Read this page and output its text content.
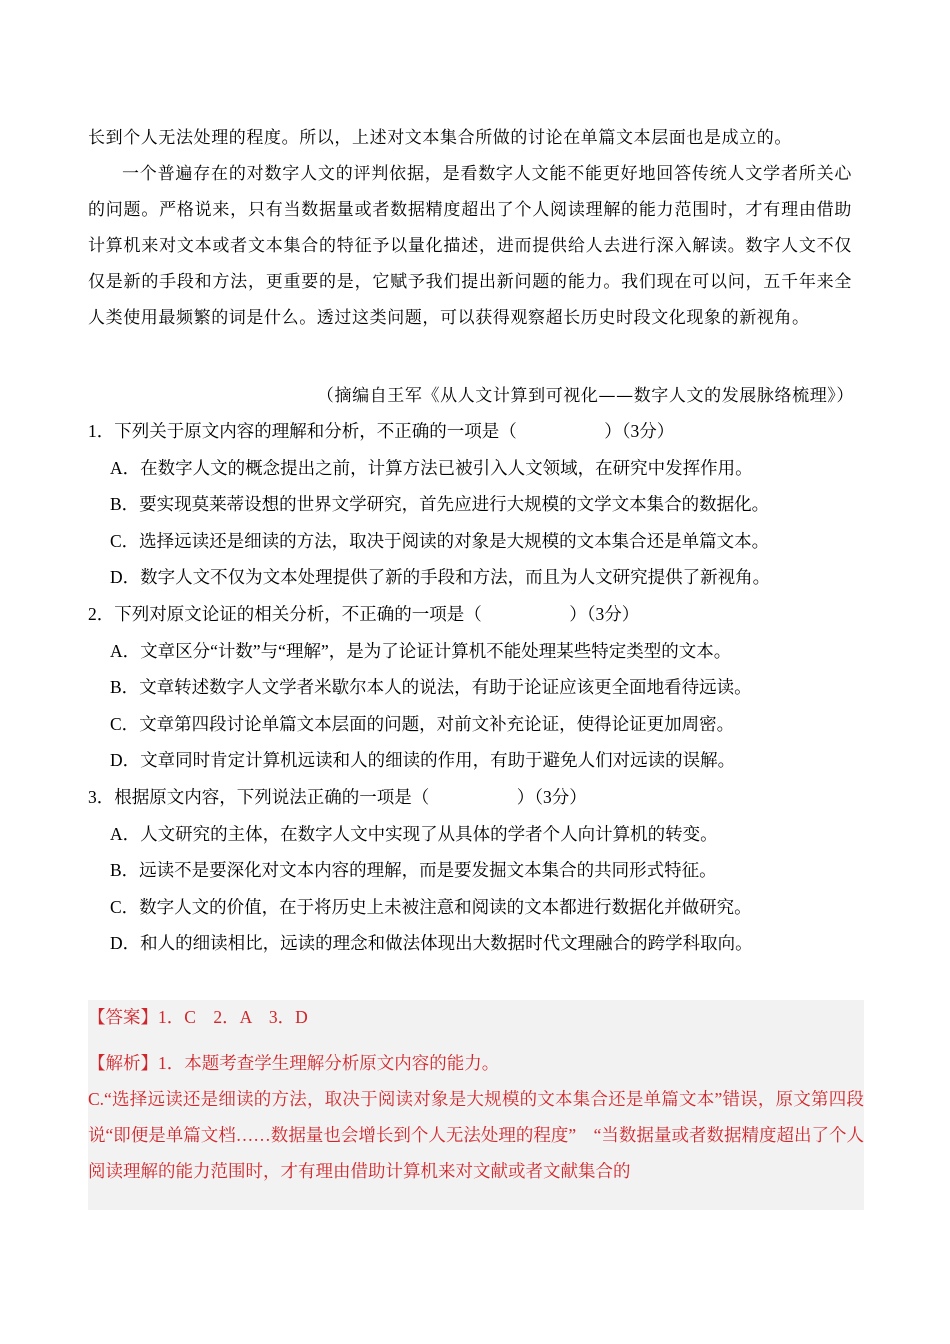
长到个人无法处理的程度。所以，上述对文本集合所做的讨论在单篇文本层面也是成立的。
一个普遍存在的对数字人文的评判依据，是看数字人文能不能更好地回答传统人文学者所关心的问题。严格说来，只有当数据量或者数据精度超出了个人阅读理解的能力范围时，才有理由借助计算机来对文本或者文本集合的特征予以量化描述，进而提供给人去进行深入解读。数字人文不仅仅是新的手段和方法，更重要的是，它赋予我们提出新问题的能力。我们现在可以问，五千年来全人类使用最频繁的词是什么。透过这类问题，可以获得观察超长历史时段文化现象的新视角。
（摘编自王军《从人文计算到可视化——数字人文的发展脉络梳理》）
1．下列关于原文内容的理解和分析，不正确的一项是（　　　　　）（3分）
A．在数字人文的概念提出之前，计算方法已被引入人文领域，在研究中发挥作用。
B．要实现莫莱蒂设想的世界文学研究，首先应进行大规模的文学文本集合的数据化。
C．选择远读还是细读的方法，取决于阅读的对象是大规模的文本集合还是单篇文本。
D．数字人文不仅为文本处理提供了新的手段和方法，而且为人文研究提供了新视角。
2．下列对原文论证的相关分析，不正确的一项是（　　　　　）（3分）
A．文章区分“计数”与“理解”，是为了论证计算机不能处理某些特定类型的文本。
B．文章转述数字人文学者米歇尔本人的说法，有助于论证应该更全面地看待远读。
C．文章第四段讨论单篇文本层面的问题，对前文补充论证，使得论证更加周密。
D．文章同时肯定计算机远读和人的细读的作用，有助于避免人们对远读的误解。
3．根据原文内容，下列说法正确的一项是（　　　　　）（3分）
A．人文研究的主体，在数字人文中实现了从具体的学者个人向计算机的转变。
B．远读不是要深化对文本内容的理解，而是要发掘文本集合的共同形式特征。
C．数字人文的价值，在于将历史上未被注意和阅读的文本都进行数据化并做研究。
D．和人的细读相比，远读的理念和做法体现出大数据时代文理融合的跨学科取向。
【答案】1．C　2．A　3．D
【解析】1．本题考查学生理解分析原文内容的能力。
C.“选择远读还是细读的方法，取决于阅读对象是大规模的文本集合还是单篇文本”错误，原文第四段说“即便是单篇文档……数据量也会增长到个人无法处理的程度”　“当数据量或者数据精度超出了个人阅读理解的能力范围时，才有理由借助计算机来对文献或者文献集合的
